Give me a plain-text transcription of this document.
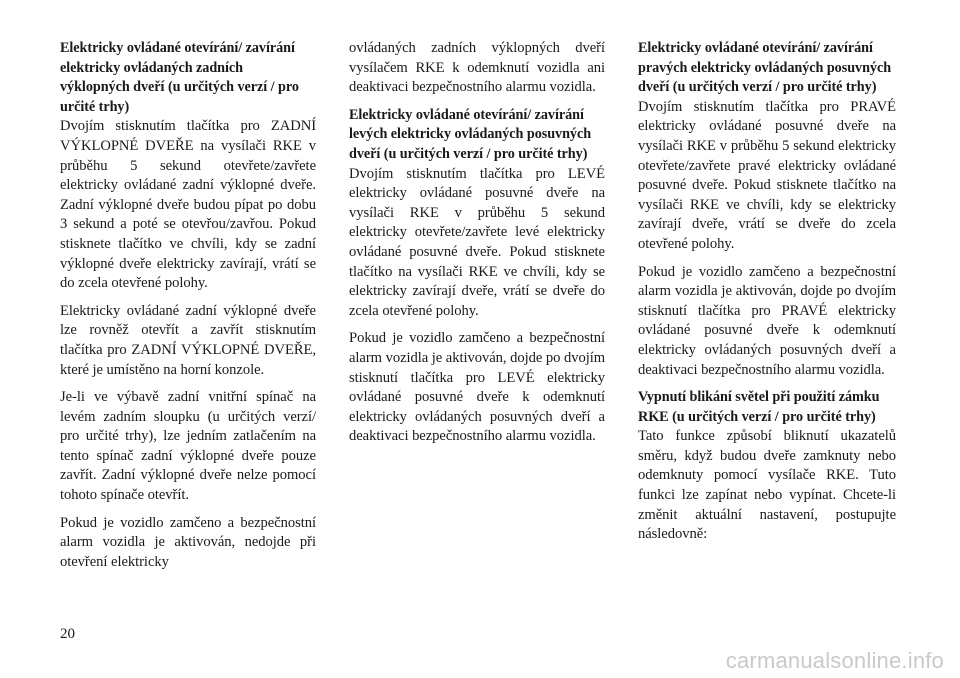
Elektricky ovládané otevírání/ zavírání elektricky ovládaných zadních výklopných dveří (u určitých verzí / pro určité trhy)

Dvojím stisknutím tlačítka pro ZADNÍ VÝKLOPNÉ DVEŘE na vysílači RKE v průběhu 5 sekund otevřete/zavřete elektricky ovládané zadní výklopné dveře. Zadní výklopné dveře budou pípat po dobu 3 sekund a poté se otevřou/zavřou. Pokud stisknete tlačítko ve chvíli, kdy se zadní výklopné dveře elektricky zavírají, vrátí se do zcela otevřené polohy.

Elektricky ovládané zadní výklopné dveře lze rovněž otevřít a zavřít stisknutím tlačítka pro ZADNÍ VÝKLOPNÉ DVEŘE, které je umístěno na horní konzole.

Je-li ve výbavě zadní vnitřní spínač na levém zadním sloupku (u určitých verzí/ pro určité trhy), lze jedním zatlačením na tento spínač zadní výklopné dveře pouze zavřít. Zadní výklopné dveře nelze pomocí tohoto spínače otevřít.

Pokud je vozidlo zamčeno a bezpečnostní alarm vozidla je aktivován, nedojde při otevření elektricky

ovládaných zadních výklopných dveří vysílačem RKE k odemknutí vozidla ani deaktivaci bezpečnostního alarmu vozidla.

Elektricky ovládané otevírání/ zavírání levých elektricky ovládaných posuvných dveří (u určitých verzí / pro určité trhy)

Dvojím stisknutím tlačítka pro LEVÉ elektricky ovládané posuvné dveře na vysílači RKE v průběhu 5 sekund elektricky otevřete/zavřete levé elektricky ovládané posuvné dveře. Pokud stisknete tlačítko na vysílači RKE ve chvíli, kdy se elektricky zavírají dveře, vrátí se dveře do zcela otevřené polohy.

Pokud je vozidlo zamčeno a bezpečnostní alarm vozidla je aktivován, dojde po dvojím stisknutí tlačítka pro LEVÉ elektricky ovládané posuvné dveře k odemknutí elektricky ovládaných posuvných dveří a deaktivaci bezpečnostního alarmu vozidla.

Elektricky ovládané otevírání/ zavírání pravých elektricky ovládaných posuvných dveří (u určitých verzí / pro určité trhy)

Dvojím stisknutím tlačítka pro PRAVÉ elektricky ovládané posuvné dveře na vysílači RKE v průběhu 5 sekund elektricky otevřete/zavřete pravé elektricky ovládané posuvné dveře. Pokud stisknete tlačítko na vysílači RKE ve chvíli, kdy se elektricky zavírají dveře, vrátí se dveře do zcela otevřené polohy.

Pokud je vozidlo zamčeno a bezpečnostní alarm vozidla je aktivován, dojde po dvojím stisknutí tlačítka pro PRAVÉ elektricky ovládané posuvné dveře k odemknutí elektricky ovládaných posuvných dveří a deaktivaci bezpečnostního alarmu vozidla.

Vypnutí blikání světel při použití zámku RKE (u určitých verzí / pro určité trhy)

Tato funkce způsobí bliknutí ukazatelů směru, když budou dveře zamknuty nebo odemknuty pomocí vysílače RKE. Tuto funkci lze zapínat nebo vypínat. Chcete-li změnit aktuální nastavení, postupujte následovně:

20
carmanualsonline.info
